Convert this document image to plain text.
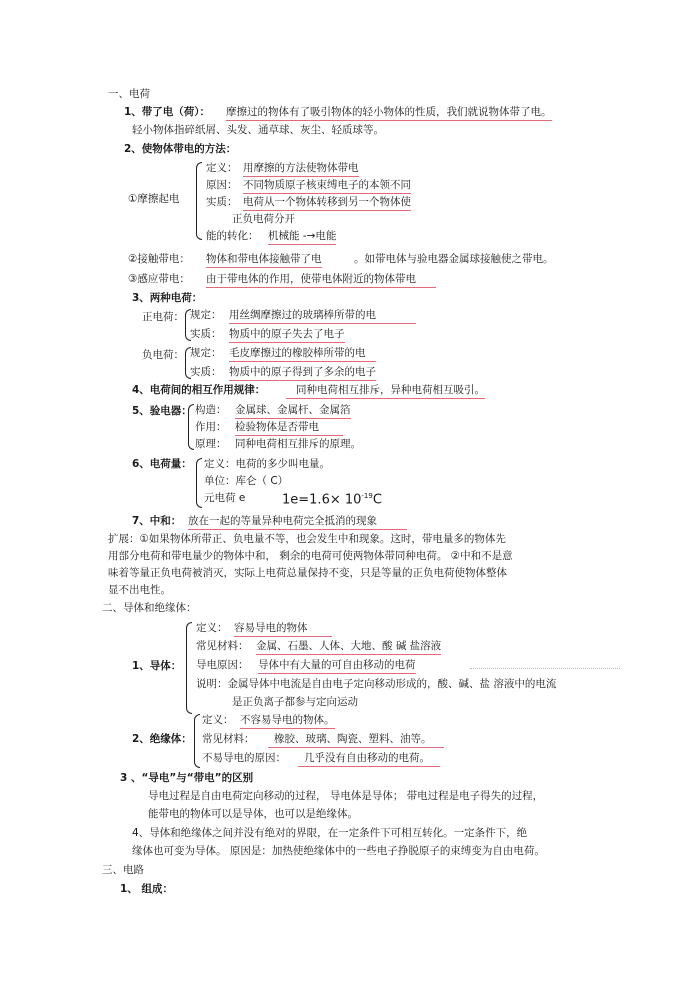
一、电荷
1、带了电（荷）： 摩擦过的物体有了吸引物体的轻小物体的性质，我们就说物体带了电。
轻小物体指碎纸屑、头发、通草球、灰尘、轻质球等。
2、使物体带电的方法：
①摩擦起电
定义： 用摩擦的方法使物体带电
原因： 不同物质原子核束缚电子的本领不同
实质： 电荷从一个物体转移到另一个物体使
正负电荷分开
能的转化： 机械能 -→电能
②接触带电： 物体和带电体接触带了电	。如带电体与验电器金属球接触使之带电。
③感应带电： 由于带电体的作用，使带电体附近的物体带电
3、两种电荷：
正电荷： 规定： 用丝绸摩擦过的玻璃棒所带的电
实质： 物质中的原子失去了电子
负电荷： 规定： 毛皮摩擦过的橡胶棒所带的电
实质： 物质中的原子得到了多余的电子
4、电荷间的相互作用规律：	同种电荷相互排斥，异种电荷相互吸引。
5、验电器： 构造： 金属球、金属杆、金属箔
作用： 检验物体是否带电
原理： 同种电荷相互排斥的原理。
6、电荷量： 定义：电荷的多少叫电量。
单位：库仑（ C）
元电荷 e	$1e=1.6\times 10^{-19}C$
7、中和： 放在一起的等量异种电荷完全抵消的现象
扩展：①如果物体所带正、负电量不等，也会发生中和现象。这时，带电量多的物体先
用部分电荷和带电量少的物体中和， 剩余的电荷可使两物体带同种电荷。 ②中和不是意
味着等量正负电荷被消灭，实际上电荷总量保持不变，只是等量的正负电荷使物体整体
显不出电性。
二、导体和绝缘体：
1、导体：
定义： 容易导电的物体
常见材料： 金属、石墨、人体、大地、酸 碱 盐溶液
导电原因： 导体中有大量的可自由移动的电荷
说明：金属导体中电流是自由电子定向移动形成的，酸、碱、盐 溶液中的电流
是正负离子都参与定向运动
2、绝缘体：
定义： 不容易导电的物体。
常见材料：	橡胶、玻璃、陶瓷、塑料、油等。
不易导电的原因：	几乎没有自由移动的电荷。
3 、“导电”与“带电”的区别
导电过程是自由电荷定向移动的过程， 导电体是导体； 带电过程是电子得失的过程，
能带电的物体可以是导体，也可以是绝缘体。
4、导体和绝缘体之间并没有绝对的界限，在一定条件下可相互转化。一定条件下，绝
缘体也可变为导体。 原因是：加热使绝缘体中的一些电子挣脱原子的束缚变为自由电荷。
三、电路
1、 组成：
